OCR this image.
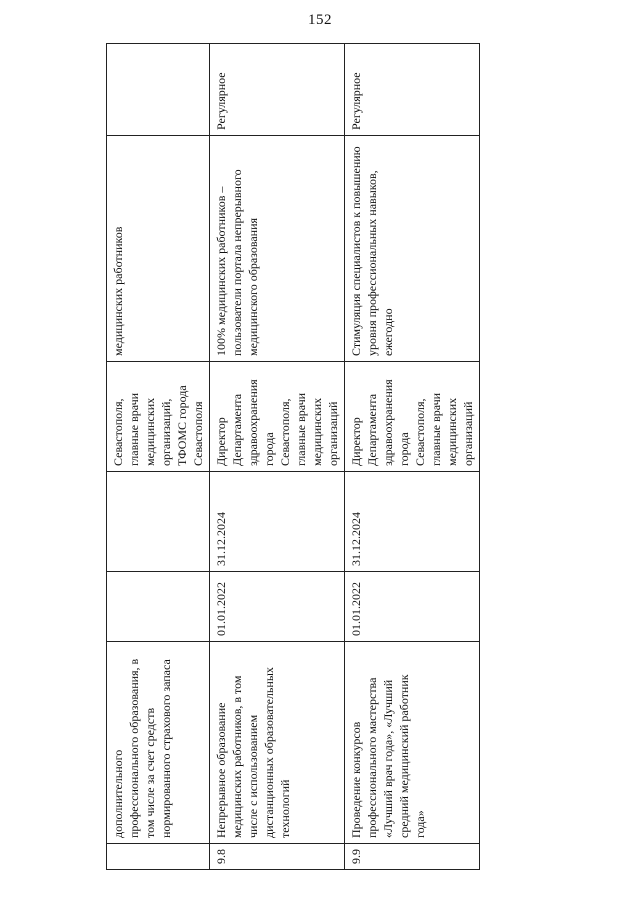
152
	дополнительного профессионального образования, в том числе за счет средств нормированного страхового запаса			Севастополя, главные врачи медицинских организаций, ТФОМС города Севастополя	медицинских работников	
9.8	Непрерывное образование медицинских работников, в том числе с использованием дистанционных образовательных технологий	01.01.2022	31.12.2024	Директор Департамента здравоохранения города Севастополя, главные врачи медицинских организаций	100% медицинских работников – пользователи портала непрерывного медицинского образования	Регулярное
9.9	Проведение конкурсов профессионального мастерства «Лучший врач года», «Лучший средний медицинский работник года»	01.01.2022	31.12.2024	Директор Департамента здравоохранения города Севастополя, главные врачи медицинских организаций	Стимуляция специалистов к повышению уровня профессиональных навыков, ежегодно	Регулярное
